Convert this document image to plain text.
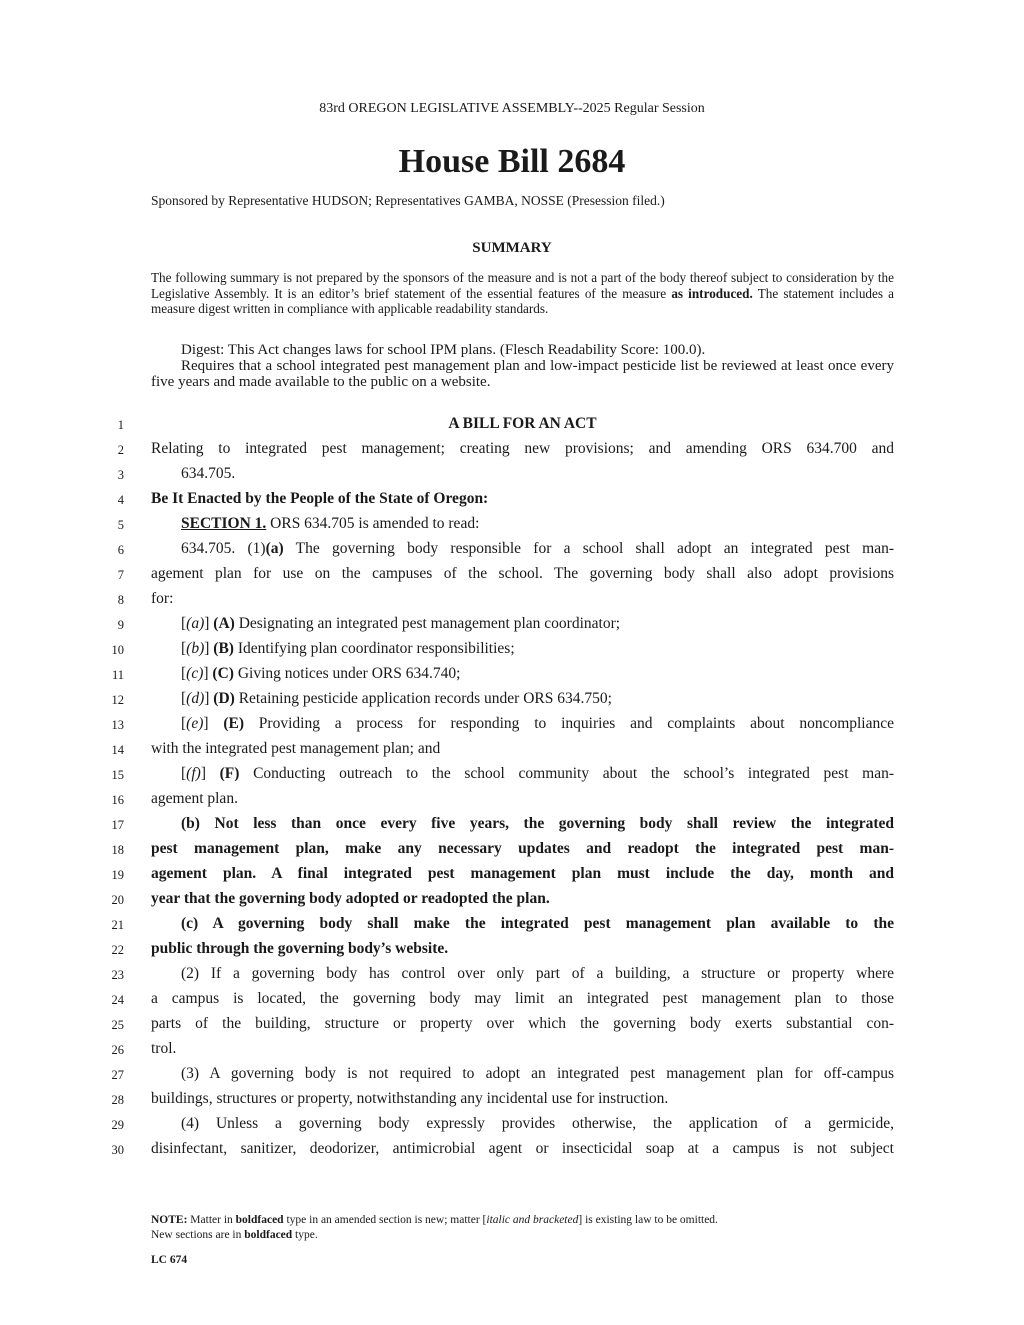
83rd OREGON LEGISLATIVE ASSEMBLY--2025 Regular Session
House Bill 2684
Sponsored by Representative HUDSON; Representatives GAMBA, NOSSE (Presession filed.)
SUMMARY
The following summary is not prepared by the sponsors of the measure and is not a part of the body thereof subject to consideration by the Legislative Assembly. It is an editor’s brief statement of the essential features of the measure as introduced. The statement includes a measure digest written in compliance with applicable readability standards.

Digest: This Act changes laws for school IPM plans. (Flesch Readability Score: 100.0).

Requires that a school integrated pest management plan and low-impact pesticide list be reviewed at least once every five years and made available to the public on a website.

1
2
3
4
5
6
7
8
9
10
11
12
13
14
15
16
17
18
19
20
21
22
23
24
25
26
27
28
29
30
A BILL FOR AN ACT
Relating to integrated pest management; creating new provisions; and amending ORS 634.700 and
634.705.
Be It Enacted by the People of the State of Oregon:
SECTION 1. ORS 634.705 is amended to read:
634.705. (1)(a) The governing body responsible for a school shall adopt an integrated pest man-
agement plan for use on the campuses of the school. The governing body shall also adopt provisions
for:
[(a)] (A) Designating an integrated pest management plan coordinator;
[(b)] (B) Identifying plan coordinator responsibilities;
[(c)] (C) Giving notices under ORS 634.740;
[(d)] (D) Retaining pesticide application records under ORS 634.750;
[(e)] (E) Providing a process for responding to inquiries and complaints about noncompliance
with the integrated pest management plan; and
[(f)] (F) Conducting outreach to the school community about the school’s integrated pest man-
agement plan.
(b) Not less than once every five years, the governing body shall review the integrated
pest management plan, make any necessary updates and readopt the integrated pest man-
agement plan. A final integrated pest management plan must include the day, month and
year that the governing body adopted or readopted the plan.
(c) A governing body shall make the integrated pest management plan available to the
public through the governing body’s website.
(2) If a governing body has control over only part of a building, a structure or property where
a campus is located, the governing body may limit an integrated pest management plan to those
parts of the building, structure or property over which the governing body exerts substantial con-
trol.
(3) A governing body is not required to adopt an integrated pest management plan for off-campus
buildings, structures or property, notwithstanding any incidental use for instruction.
(4) Unless a governing body expressly provides otherwise, the application of a germicide,
disinfectant, sanitizer, deodorizer, antimicrobial agent or insecticidal soap at a campus is not subject
NOTE: Matter in boldfaced type in an amended section is new; matter [italic and bracketed] is existing law to be omitted.
New sections are in boldfaced type.
LC 674
